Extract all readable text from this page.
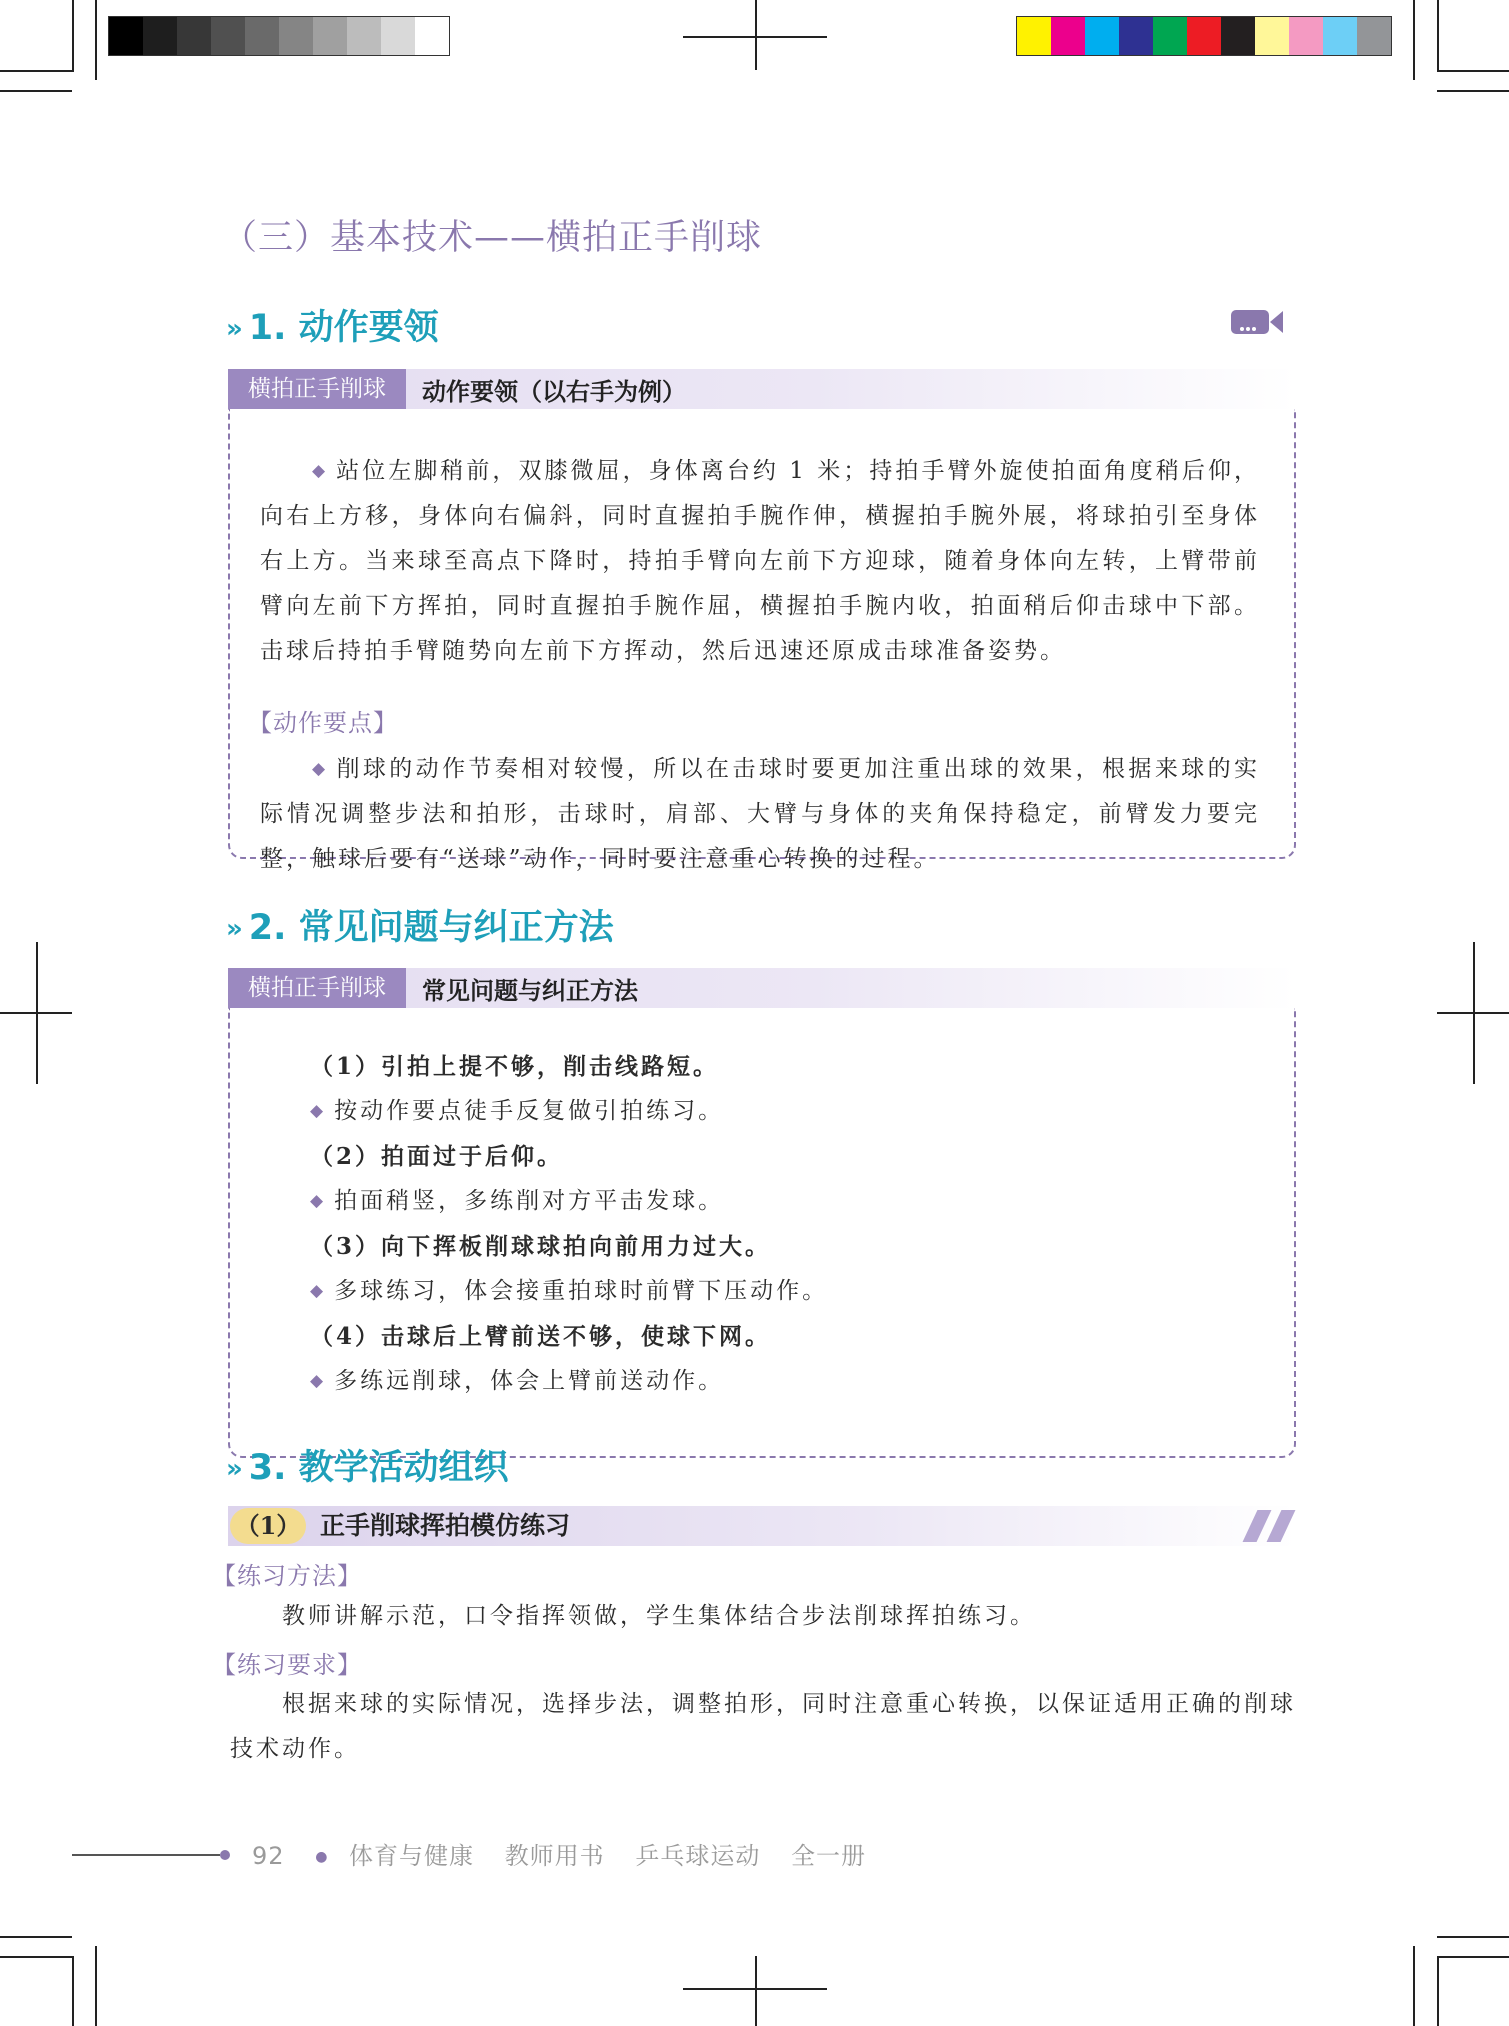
（三）基本技术——横拍正手削球
» 1. 动作要领
横拍正手削球	动作要领（以右手为例）

◆ 站位左脚稍前，双膝微屈，身体离台约 1 米；持拍手臂外旋使拍面角度稍后仰，向右上方移，身体向右偏斜，同时直握拍手腕作伸，横握拍手腕外展，将球拍引至身体右上方。当来球至高点下降时，持拍手臂向左前下方迎球，随着身体向左转，上臂带前臂向左前下方挥拍，同时直握拍手腕作屈，横握拍手腕内收，拍面稍后仰击球中下部。击球后持拍手臂随势向左前下方挥动，然后迅速还原成击球准备姿势。

【动作要点】

◆ 削球的动作节奏相对较慢，所以在击球时要更加注重出球的效果，根据来球的实际情况调整步法和拍形，击球时，肩部、大臂与身体的夹角保持稳定，前臂发力要完整，触球后要有“送球”动作，同时要注意重心转换的过程。

» 2. 常见问题与纠正方法
横拍正手削球	常见问题与纠正方法
（1）引拍上提不够，削击线路短。
◆ 按动作要点徒手反复做引拍练习。
（2）拍面过于后仰。
◆ 拍面稍竖，多练削对方平击发球。
（3）向下挥板削球球拍向前用力过大。
◆ 多球练习，体会接重拍球时前臂下压动作。
（4）击球后上臂前送不够，使球下网。
◆ 多练远削球，体会上臂前送动作。
» 3. 教学活动组织
（1） 正手削球挥拍模仿练习
【练习方法】
教师讲解示范，口令指挥领做，学生集体结合步法削球挥拍练习。
【练习要求】

根据来球的实际情况，选择步法，调整拍形，同时注意重心转换，以保证适用正确的削球技术动作。

92 ● 体育与健康 教师用书 乒乓球运动 全一册
